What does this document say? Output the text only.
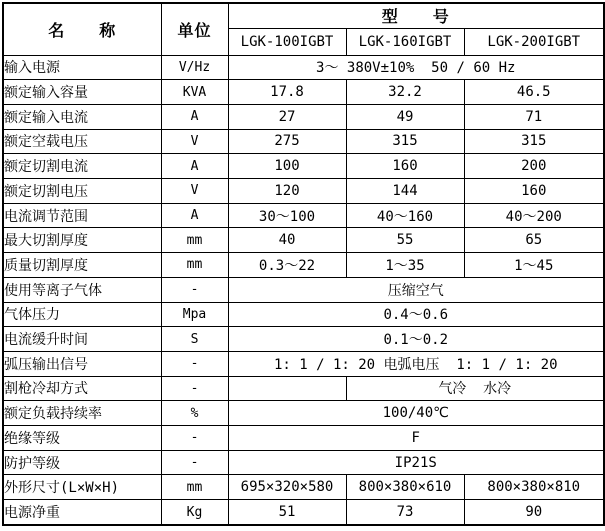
名　　称	单位	型　　号		
		LGK-100IGBT	LGK-160IGBT	LGK-200IGBT
输入电源	V/Hz	3～ 380V±10%  50 / 60 Hz		
额定输入容量	KVA	17.8	32.2	46.5
额定输入电流	A	27	49	71
额定空载电压	V	275	315	315
额定切割电流	A	100	160	200
额定切割电压	V	120	144	160
电流调节范围	A	30～100	40～160	40～200
最大切割厚度	mm	40	55	65
质量切割厚度	mm	0.3～22	1～35	1～45
使用等离子气体	-	压缩空气		
气体压力	Mpa	0.4～0.6		
电流缓升时间	S	0.1～0.2		
弧压输出信号	-	1: 1 / 1: 20 电弧电压  1: 1 / 1: 20		
割枪冷却方式	-		气冷  水冷	
额定负载持续率	%	100/40℃		
绝缘等级	-	F		
防护等级	-	IP21S		
外形尺寸(L×W×H)	mm	695×320×580	800×380×610	800×380×810
电源净重	Kg	51	73	90
